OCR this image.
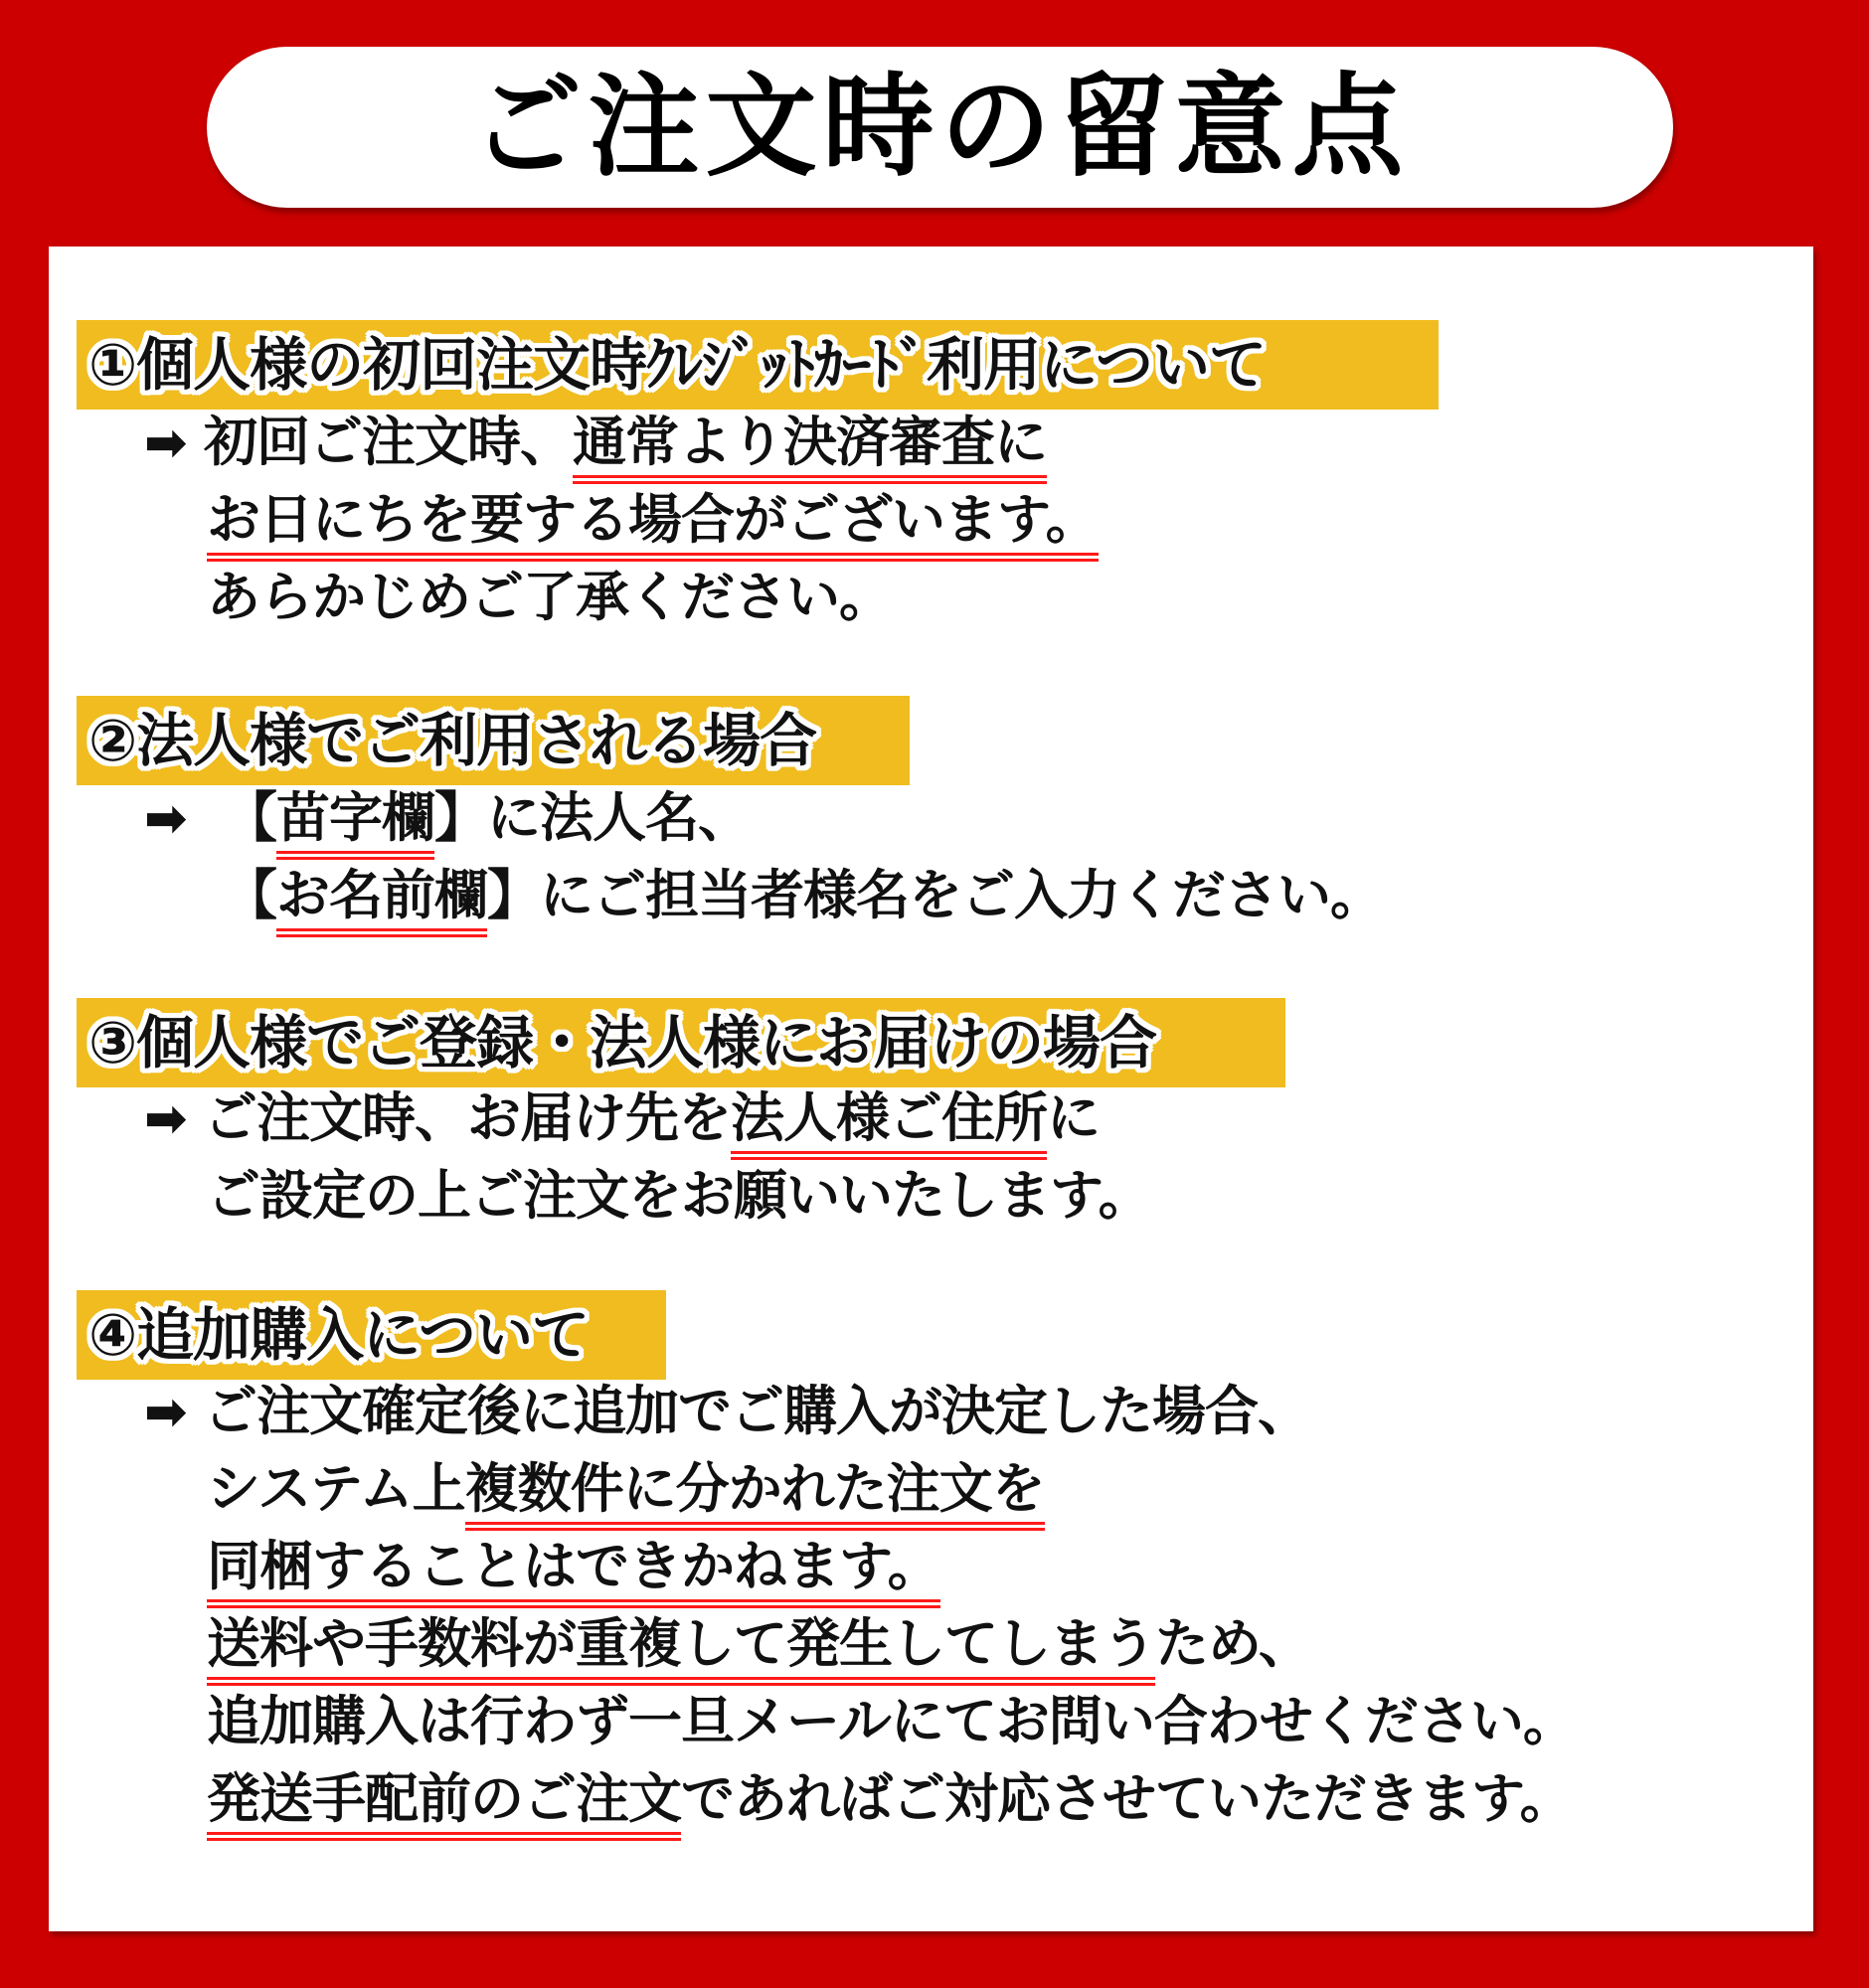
ご注文時の留意点
①個人様の初回注文時ｸﾚｼﾞｯﾄｶｰﾄﾞ利用について
➡ 初回ご注文時、通常より決済審査に
お日にちを要する場合がございます。
あらかじめご了承ください。
②法人様でご利用される場合
➡ 【苗字欄】に法人名、
【お名前欄】にご担当者様名をご入力ください。
③個人様でご登録・法人様にお届けの場合
➡ ご注文時、お届け先を法人様ご住所に
ご設定の上ご注文をお願いいたします。
④追加購入について
➡ ご注文確定後に追加でご購入が決定した場合、
システム上複数件に分かれた注文を
同梱することはできかねます。
送料や手数料が重複して発生してしまうため、
追加購入は行わず一旦メールにてお問い合わせください。
発送手配前のご注文であればご対応させていただきます。
